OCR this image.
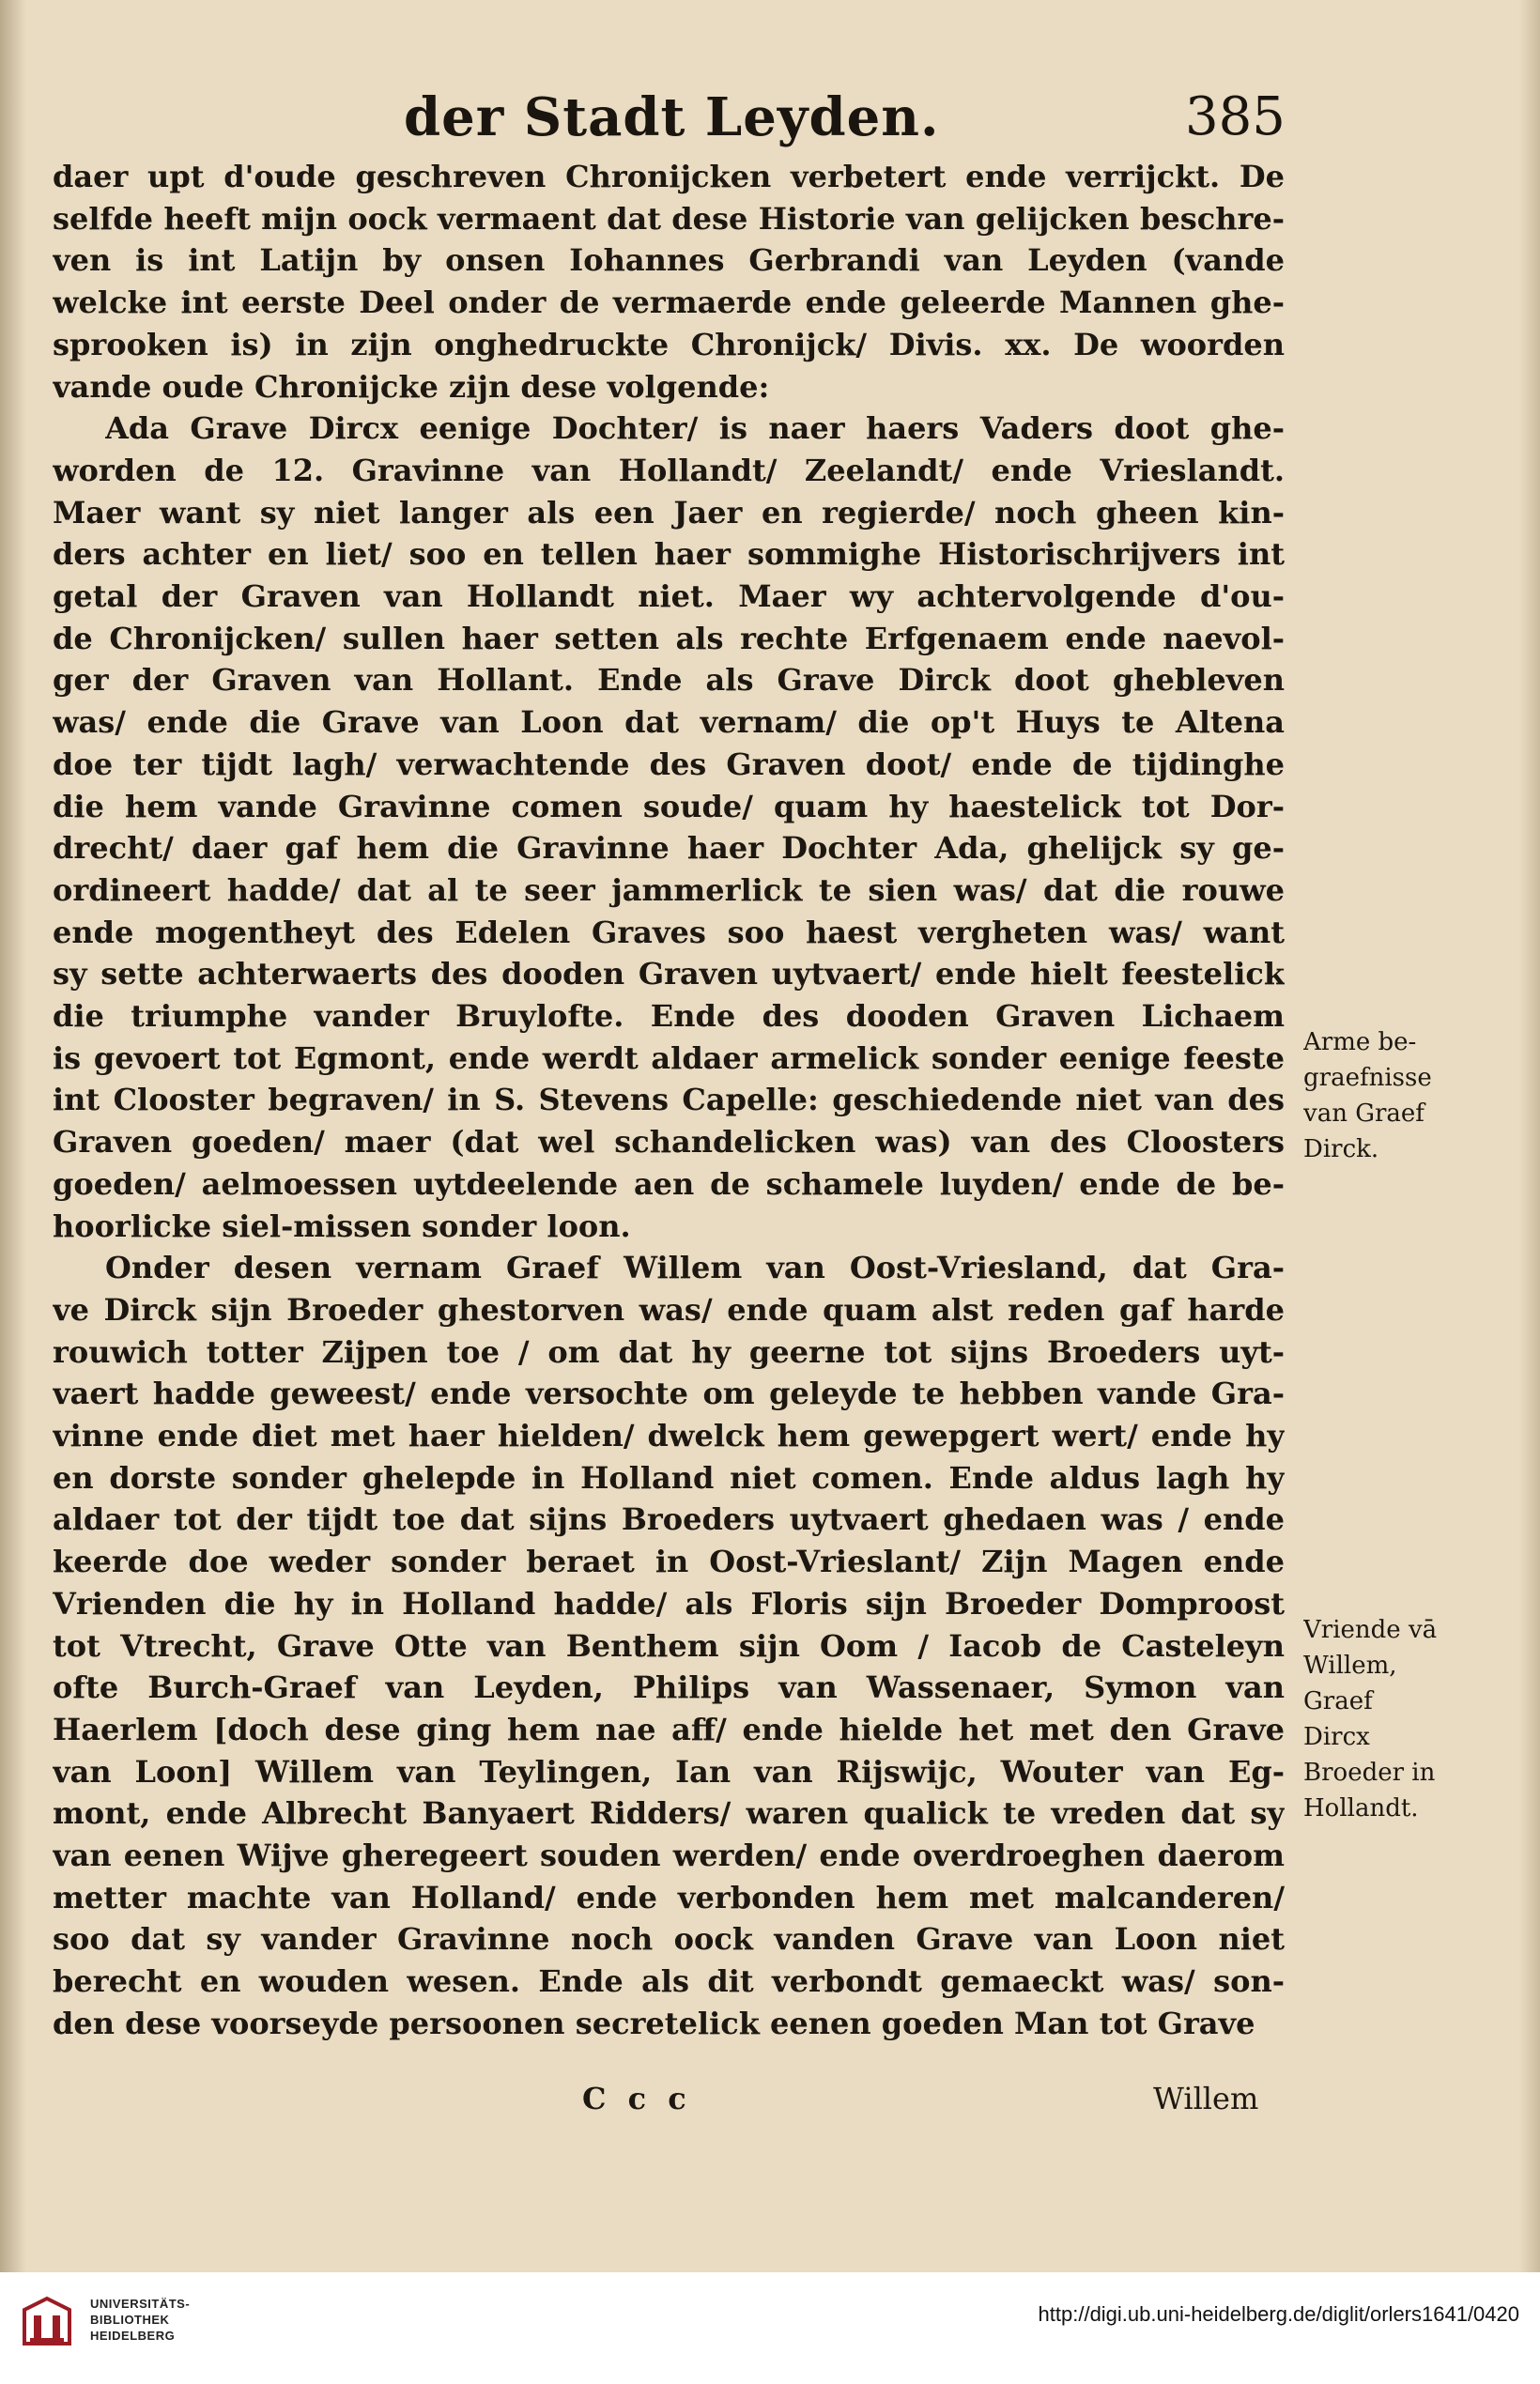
der Stadt Leyden.	385
daer upt d'oude geschreven Chronijcken verbetert ende verrijckt. De
selfde heeft mijn oock vermaent dat dese Historie van gelijcken beschre-
ven is int Latijn by onsen Iohannes Gerbrandi van Leyden (vande
welcke int eerste Deel onder de vermaerde ende geleerde Mannen ghe-
sprooken is) in zijn onghedruckte Chronijck/ Divis. xx. De woorden
vande oude Chronijcke zijn dese volgende:
Ada Grave Dircx eenige Dochter/ is naer haers Vaders doot ghe-
worden de 12. Gravinne van Hollandt/ Zeelandt/ ende Vrieslandt.
Maer want sy niet langer als een Jaer en regierde/ noch gheen kin-
ders achter en liet/ soo en tellen haer sommighe Historischrijvers int
getal der Graven van Hollandt niet. Maer wy achtervolgende d'ou-
de Chronijcken/ sullen haer setten als rechte Erfgenaem ende naevol-
ger der Graven van Hollant. Ende als Grave Dirck doot ghebleven
was/ ende die Grave van Loon dat vernam/ die op't Huys te Altena
doe ter tijdt lagh/ verwachtende des Graven doot/ ende de tijdinghe
die hem vande Gravinne comen soude/ quam hy haestelick tot Dor-
drecht/ daer gaf hem die Gravinne haer Dochter Ada, ghelijck sy ge-
ordineert hadde/ dat al te seer jammerlick te sien was/ dat die rouwe
ende mogentheyt des Edelen Graves soo haest vergheten was/ want
sy sette achterwaerts des dooden Graven uytvaert/ ende hielt feestelick
die triumphe vander Bruylofte. Ende des dooden Graven Lichaem
is gevoert tot Egmont, ende werdt aldaer armelick sonder eenige feeste
int Clooster begraven/ in S. Stevens Capelle: geschiedende niet van des
Graven goeden/ maer (dat wel schandelicken was) van des Cloosters
goeden/ aelmoessen uytdeelende aen de schamele luyden/ ende de be-
hoorlicke siel-missen sonder loon.
Onder desen vernam Graef Willem van Oost-Vriesland, dat Gra-
ve Dirck sijn Broeder ghestorven was/ ende quam alst reden gaf harde
rouwich totter Zijpen toe / om dat hy geerne tot sijns Broeders uyt-
vaert hadde geweest/ ende versochte om geleyde te hebben vande Gra-
vinne ende diet met haer hielden/ dwelck hem gewepgert wert/ ende hy
en dorste sonder ghelepde in Holland niet comen. Ende aldus lagh hy
aldaer tot der tijdt toe dat sijns Broeders uytvaert ghedaen was / ende
keerde doe weder sonder beraet in Oost-Vrieslant/ Zijn Magen ende
Vrienden die hy in Holland hadde/ als Floris sijn Broeder Domproost
tot Vtrecht, Grave Otte van Benthem sijn Oom / Iacob de Casteleyn
ofte Burch-Graef van Leyden, Philips van Wassenaer, Symon van
Haerlem [doch dese ging hem nae aff/ ende hielde het met den Grave
van Loon] Willem van Teylingen, Ian van Rijswijc, Wouter van Eg-
mont, ende Albrecht Banyaert Ridders/ waren qualick te vreden dat sy
van eenen Wijve gheregeert souden werden/ ende overdroeghen daerom
metter machte van Holland/ ende verbonden hem met malcanderen/
soo dat sy vander Gravinne noch oock vanden Grave van Loon niet
berecht en wouden wesen. Ende als dit verbondt gemaeckt was/ son-
den dese voorseyde persoonen secretelick eenen goeden Man tot Grave
Arme be-
graefnisse
van Graef
Dirck.
Vriende vā
Willem,
Graef
Dircx
Broeder in
Hollandt.
C c c	Willem
UNIVERSITÄTS-
BIBLIOTHEK
HEIDELBERG
http://digi.ub.uni-heidelberg.de/diglit/orlers1641/0420
